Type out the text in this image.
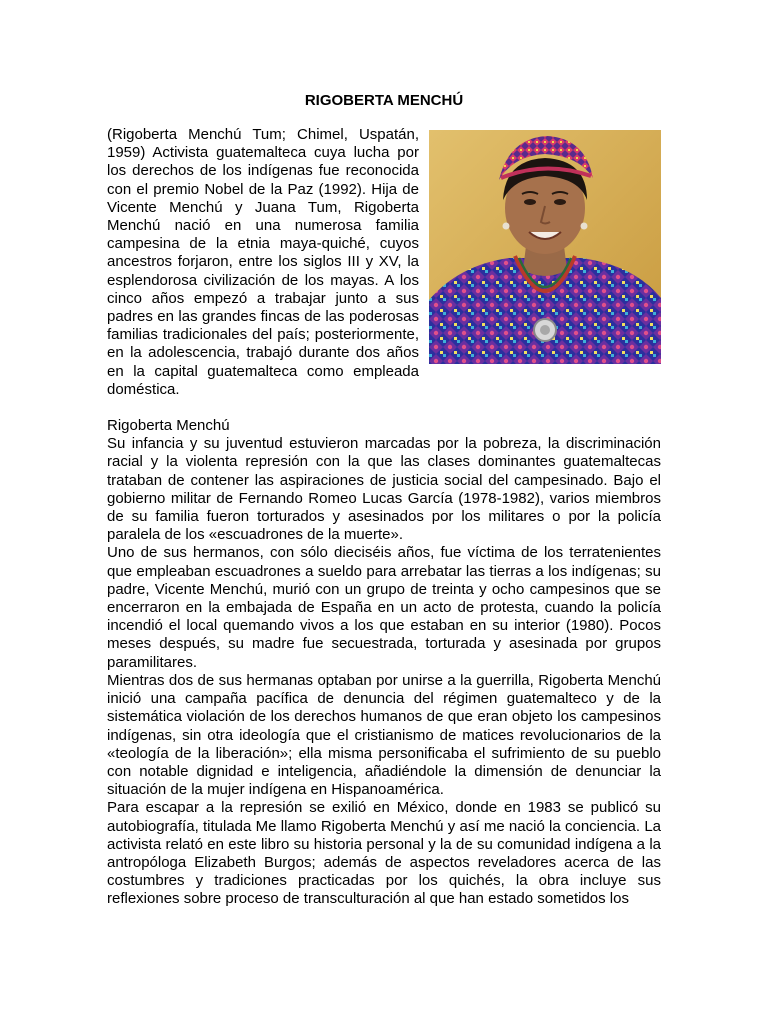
RIGOBERTA MENCHÚ

(Rigoberta Menchú Tum; Chimel, Uspatán, 1959) Activista guatemalteca cuya lucha por los derechos de los indígenas fue reconocida con el premio Nobel de la Paz (1992). Hija de Vicente Menchú y Juana Tum, Rigoberta Menchú nació en una numerosa familia campesina de la etnia maya-quiché, cuyos ancestros forjaron, entre los siglos III y XV, la esplendorosa civilización de los mayas. A los cinco años empezó a trabajar junto a sus padres en las grandes fincas de las poderosas familias tradicionales del país; posteriormente, en la adolescencia, trabajó durante dos años en la capital guatemalteca como empleada doméstica.

Rigoberta Menchú

Su infancia y su juventud estuvieron marcadas por la pobreza, la discriminación racial y la violenta represión con la que las clases dominantes guatemaltecas trataban de contener las aspiraciones de justicia social del campesinado. Bajo el gobierno militar de Fernando Romeo Lucas García (1978-1982), varios miembros de su familia fueron torturados y asesinados por los militares o por la policía paralela de los «escuadrones de la muerte».

Uno de sus hermanos, con sólo dieciséis años, fue víctima de los terratenientes que empleaban escuadrones a sueldo para arrebatar las tierras a los indígenas; su padre, Vicente Menchú, murió con un grupo de treinta y ocho campesinos que se encerraron en la embajada de España en un acto de protesta, cuando la policía incendió el local quemando vivos a los que estaban en su interior (1980). Pocos meses después, su madre fue secuestrada, torturada y asesinada por grupos paramilitares.

Mientras dos de sus hermanas optaban por unirse a la guerrilla, Rigoberta Menchú inició una campaña pacífica de denuncia del régimen guatemalteco y de la sistemática violación de los derechos humanos de que eran objeto los campesinos indígenas, sin otra ideología que el cristianismo de matices revolucionarios de la «teología de la liberación»; ella misma personificaba el sufrimiento de su pueblo con notable dignidad e inteligencia, añadiéndole la dimensión de denunciar la situación de la mujer indígena en Hispanoamérica.

Para escapar a la represión se exilió en México, donde en 1983 se publicó su autobiografía, titulada Me llamo Rigoberta Menchú y así me nació la conciencia. La activista relató en este libro su historia personal y la de su comunidad indígena a la antropóloga Elizabeth Burgos; además de aspectos reveladores acerca de las costumbres y tradiciones practicadas por los quichés, la obra incluye sus reflexiones sobre proceso de transculturación al que han estado sometidos los
